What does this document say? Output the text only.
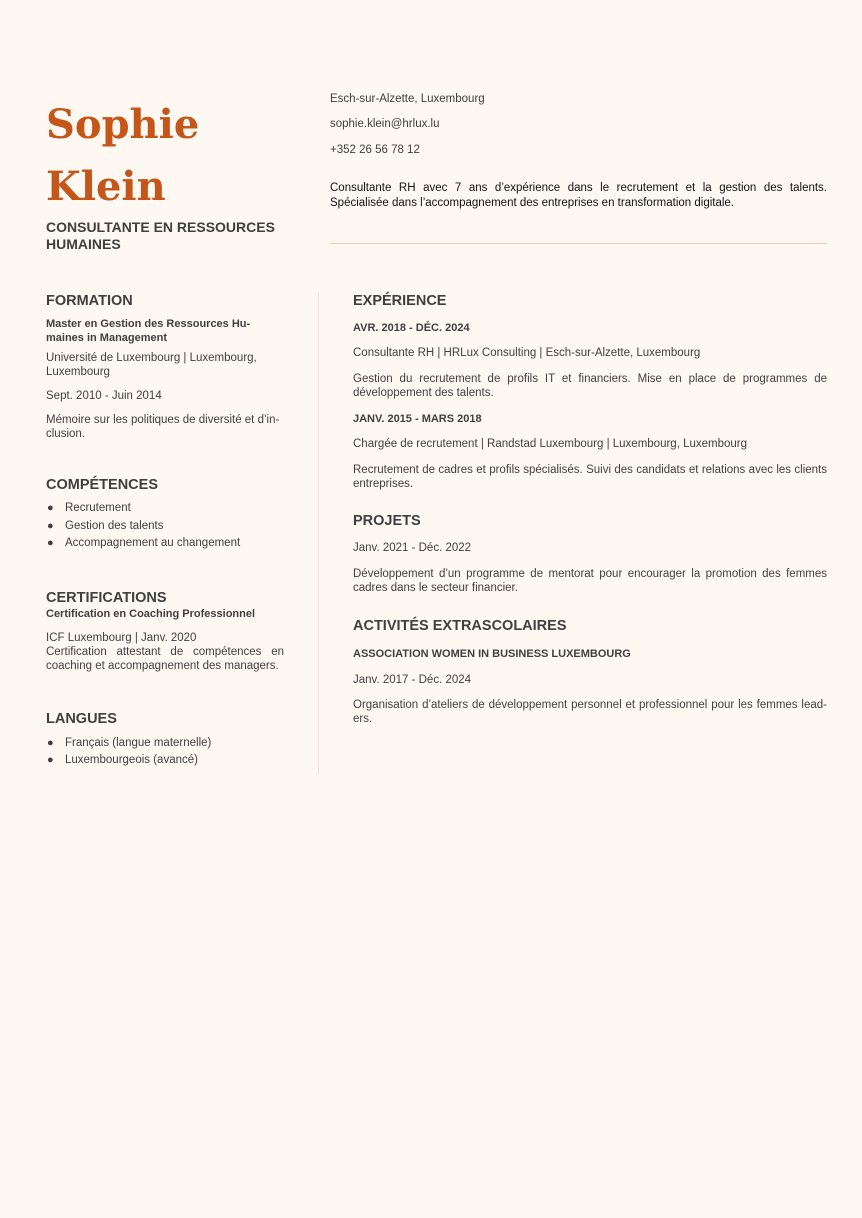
Sophie
Klein
CONSULTANTE EN RESSOURCES HUMAINES
Esch-sur-Alzette, Luxembourg
sophie.klein@hrlux.lu
+352 26 56 78 12
Consultante RH avec 7 ans d’expérience dans le recrutement et la gestion des talents. Spécialisée dans l’accompagnement des entreprises en transformation digitale.
FORMATION
Master en Gestion des Ressources Hu-maines in Management
Université de Luxembourg | Luxembourg, Luxembourg
Sept. 2010 - Juin 2014
Mémoire sur les politiques de diversité et d’in-clusion.
COMPÉTENCES
● Recrutement
● Gestion des talents
● Accompagnement au changement
CERTIFICATIONS
Certification en Coaching Professionnel
ICF Luxembourg | Janv. 2020
Certification attestant de compétences en coaching et accompagnement des managers.
LANGUES
● Français (langue maternelle)
● Luxembourgeois (avancé)
EXPÉRIENCE
AVR. 2018 - DÉC. 2024
Consultante RH | HRLux Consulting | Esch-sur-Alzette, Luxembourg
Gestion du recrutement de profils IT et financiers. Mise en place de programmes de développement des talents.
JANV. 2015 - MARS 2018
Chargée de recrutement | Randstad Luxembourg | Luxembourg, Luxembourg
Recrutement de cadres et profils spécialisés. Suivi des candidats et relations avec les clients entreprises.
PROJETS
Janv. 2021 - Déc. 2022
Développement d’un programme de mentorat pour encourager la promotion des femmes cadres dans le secteur financier.
ACTIVITÉS EXTRASCOLAIRES
ASSOCIATION WOMEN IN BUSINESS LUXEMBOURG
Janv. 2017 - Déc. 2024
Organisation d’ateliers de développement personnel et professionnel pour les femmes lead-ers.
